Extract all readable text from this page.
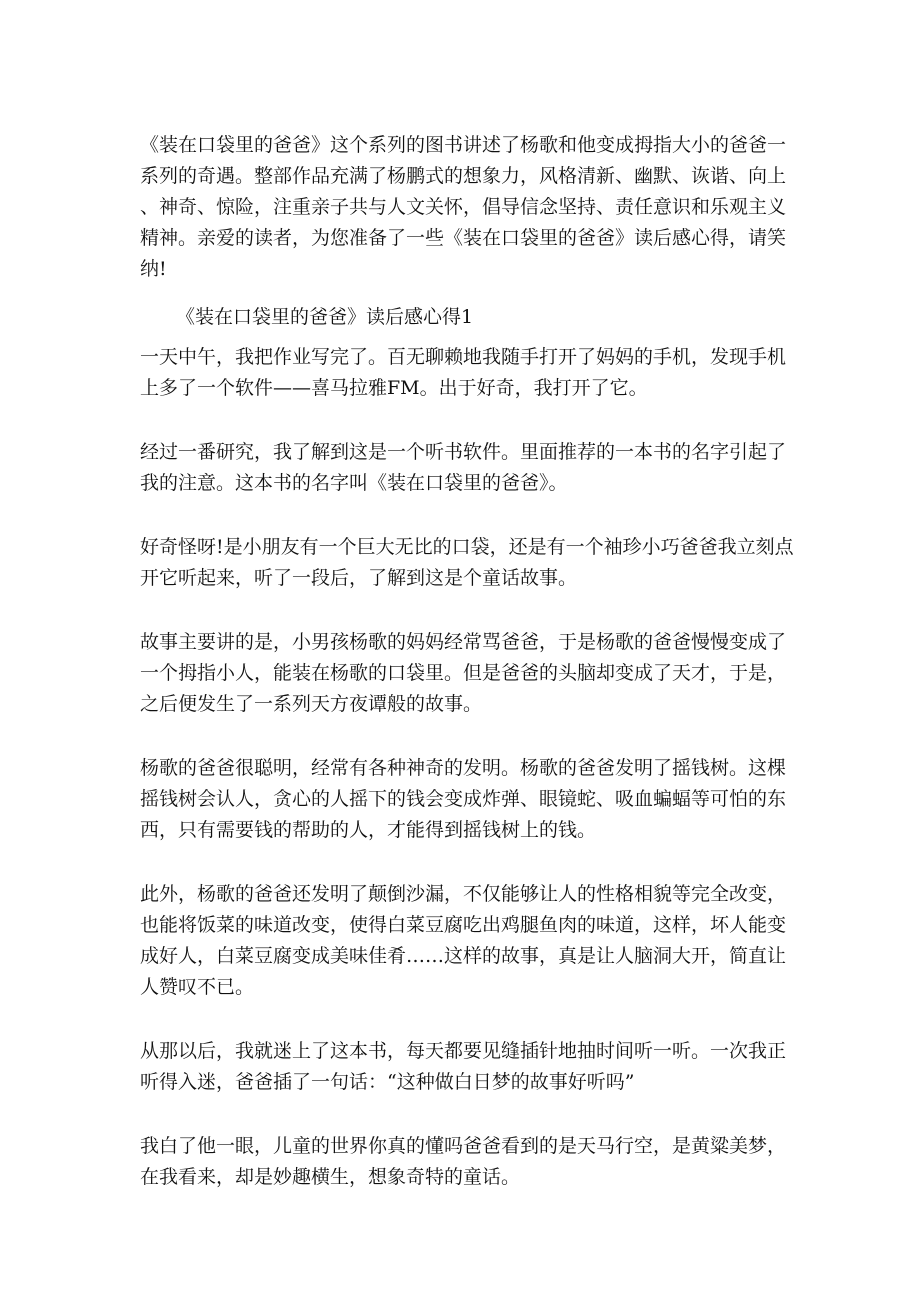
《装在口袋里的爸爸》这个系列的图书讲述了杨歌和他变成拇指大小的爸爸一
系列的奇遇。整部作品充满了杨鹏式的想象力，风格清新、幽默、诙谐、向上
、神奇、惊险，注重亲子共与人文关怀，倡导信念坚持、责任意识和乐观主义
精神。亲爱的读者，为您准备了一些《装在口袋里的爸爸》读后感心得，请笑
纳!

《装在口袋里的爸爸》读后感心得1

一天中午，我把作业写完了。百无聊赖地我随手打开了妈妈的手机，发现手机
上多了一个软件——喜马拉雅FM。出于好奇，我打开了它。

经过一番研究，我了解到这是一个听书软件。里面推荐的一本书的名字引起了
我的注意。这本书的名字叫《装在口袋里的爸爸》。

好奇怪呀!是小朋友有一个巨大无比的口袋，还是有一个袖珍小巧爸爸我立刻点
开它听起来，听了一段后，了解到这是个童话故事。

故事主要讲的是，小男孩杨歌的妈妈经常骂爸爸，于是杨歌的爸爸慢慢变成了
一个拇指小人，能装在杨歌的口袋里。但是爸爸的头脑却变成了天才，于是，
之后便发生了一系列天方夜谭般的故事。

杨歌的爸爸很聪明，经常有各种神奇的发明。杨歌的爸爸发明了摇钱树。这棵
摇钱树会认人，贪心的人摇下的钱会变成炸弹、眼镜蛇、吸血蝙蝠等可怕的东
西，只有需要钱的帮助的人，才能得到摇钱树上的钱。

此外，杨歌的爸爸还发明了颠倒沙漏，不仅能够让人的性格相貌等完全改变，
也能将饭菜的味道改变，使得白菜豆腐吃出鸡腿鱼肉的味道，这样，坏人能变
成好人，白菜豆腐变成美味佳肴……这样的故事，真是让人脑洞大开，简直让
人赞叹不已。

从那以后，我就迷上了这本书，每天都要见缝插针地抽时间听一听。一次我正
听得入迷，爸爸插了一句话：“这种做白日梦的故事好听吗”

我白了他一眼，儿童的世界你真的懂吗爸爸看到的是天马行空，是黄粱美梦，
在我看来，却是妙趣横生，想象奇特的童话。
